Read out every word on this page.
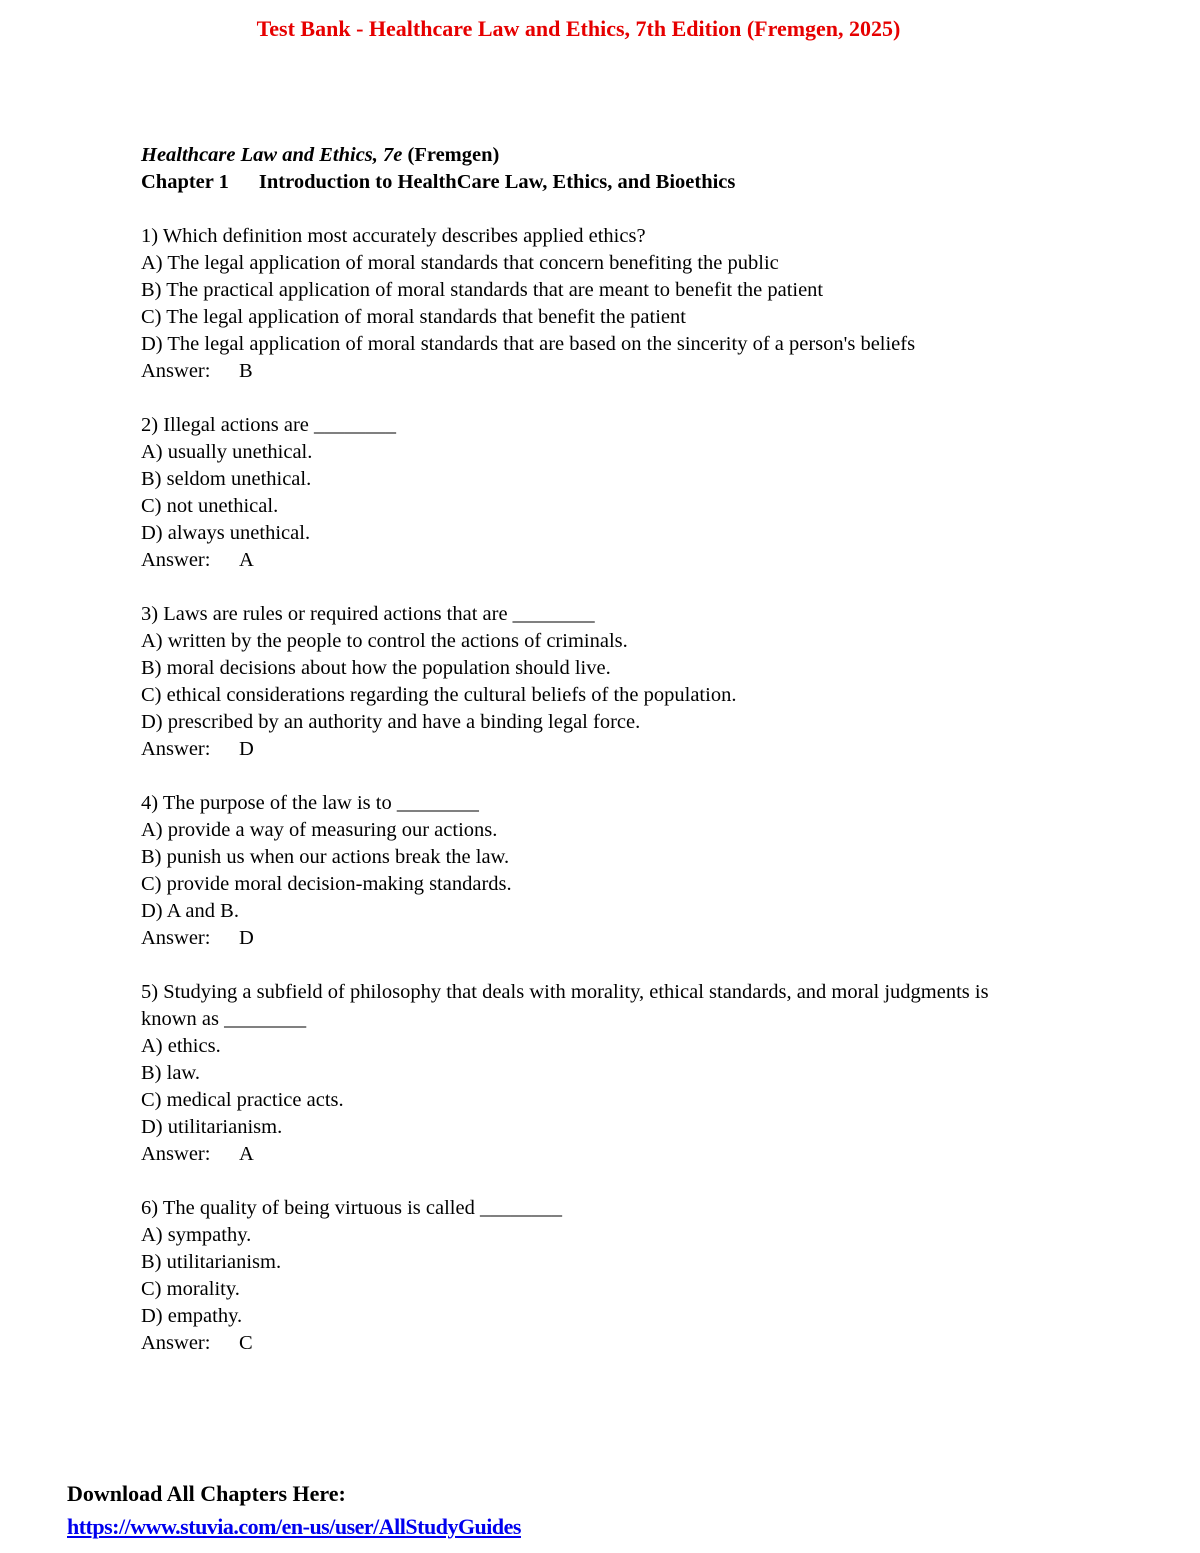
Test Bank - Healthcare Law and Ethics, 7th Edition (Fremgen, 2025)
Healthcare Law and Ethics, 7e (Fremgen)
Chapter 1 Introduction to HealthCare Law, Ethics, and Bioethics
1) Which definition most accurately describes applied ethics?
A) The legal application of moral standards that concern benefiting the public
B) The practical application of moral standards that are meant to benefit the patient
C) The legal application of moral standards that benefit the patient
D) The legal application of moral standards that are based on the sincerity of a person's beliefs
Answer: B
2) Illegal actions are ________
A) usually unethical.
B) seldom unethical.
C) not unethical.
D) always unethical.
Answer: A
3) Laws are rules or required actions that are ________
A) written by the people to control the actions of criminals.
B) moral decisions about how the population should live.
C) ethical considerations regarding the cultural beliefs of the population.
D) prescribed by an authority and have a binding legal force.
Answer: D
4) The purpose of the law is to ________
A) provide a way of measuring our actions.
B) punish us when our actions break the law.
C) provide moral decision-making standards.
D) A and B.
Answer: D
5) Studying a subfield of philosophy that deals with morality, ethical standards, and moral judgments is known as ________
A) ethics.
B) law.
C) medical practice acts.
D) utilitarianism.
Answer: A
6) The quality of being virtuous is called ________
A) sympathy.
B) utilitarianism.
C) morality.
D) empathy.
Answer: C
Download All Chapters Here:
https://www.stuvia.com/en-us/user/AllStudyGuides
